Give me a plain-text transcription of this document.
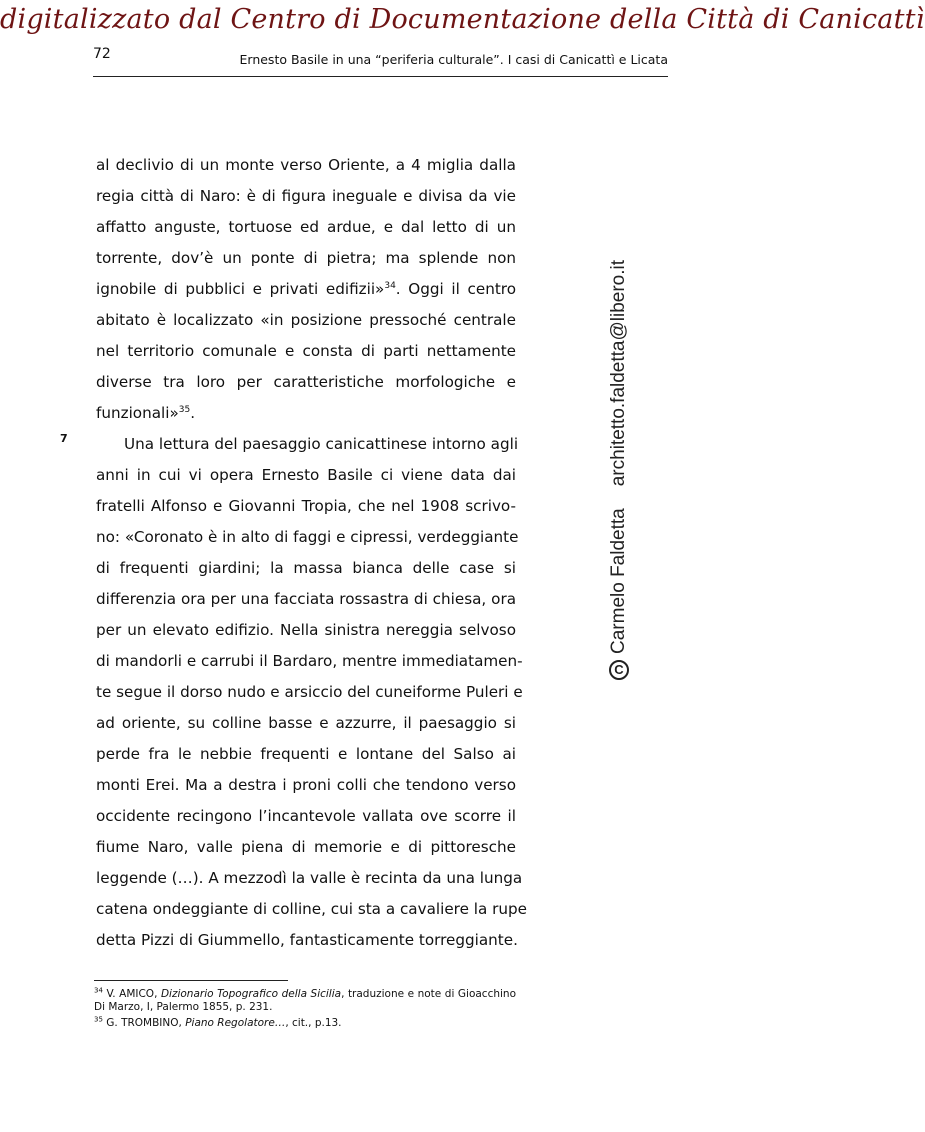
digitalizzato dal Centro di Documentazione della Città di Canicattì
72	Ernesto Basile in una “periferia culturale”. I casi di Canicattì e Licata
7
al declivio di un monte verso Oriente, a 4 miglia dalla
regia città di Naro: è di figura ineguale e divisa da vie
affatto anguste, tortuose ed ardue, e dal letto di un
torrente, dov’è un ponte di pietra; ma splende non
ignobile di pubblici e privati edifizii»$^{34}$. Oggi il centro
abitato è localizzato «in posizione pressoché centrale
nel territorio comunale e consta di parti nettamente
diverse tra loro per caratteristiche morfologiche e
funzionali»$^{35}$.
Una lettura del paesaggio canicattinese intorno agli
anni in cui vi opera Ernesto Basile ci viene data dai
fratelli Alfonso e Giovanni Tropia, che nel 1908 scrivo-
no: «Coronato è in alto di faggi e cipressi, verdeggiante
di frequenti giardini; la massa bianca delle case si
differenzia ora per una facciata rossastra di chiesa, ora
per un elevato edifizio. Nella sinistra nereggia selvoso
di mandorli e carrubi il Bardaro, mentre immediatamen-
te segue il dorso nudo e arsiccio del cuneiforme Puleri e
ad oriente, su colline basse e azzurre, il paesaggio si
perde fra le nebbie frequenti e lontane del Salso ai
monti Erei. Ma a destra i proni colli che tendono verso
occidente recingono l’incantevole vallata ove scorre il
fiume Naro, valle piena di memorie e di pittoresche
leggende (…). A mezzodì la valle è recinta da una lunga
catena ondeggiante di colline, cui sta a cavaliere la rupe
detta Pizzi di Giummello, fantasticamente torreggiante.
$^{34}$ V. AMICO, Dizionario Topografico della Sicilia, traduzione e note di Gioacchino Di Marzo, I, Palermo 1855, p. 231.
$^{35}$ G. TROMBINO, Piano Regolatore…, cit., p.13.
CCarmelo Faldettaarchitetto.faldetta@libero.it
